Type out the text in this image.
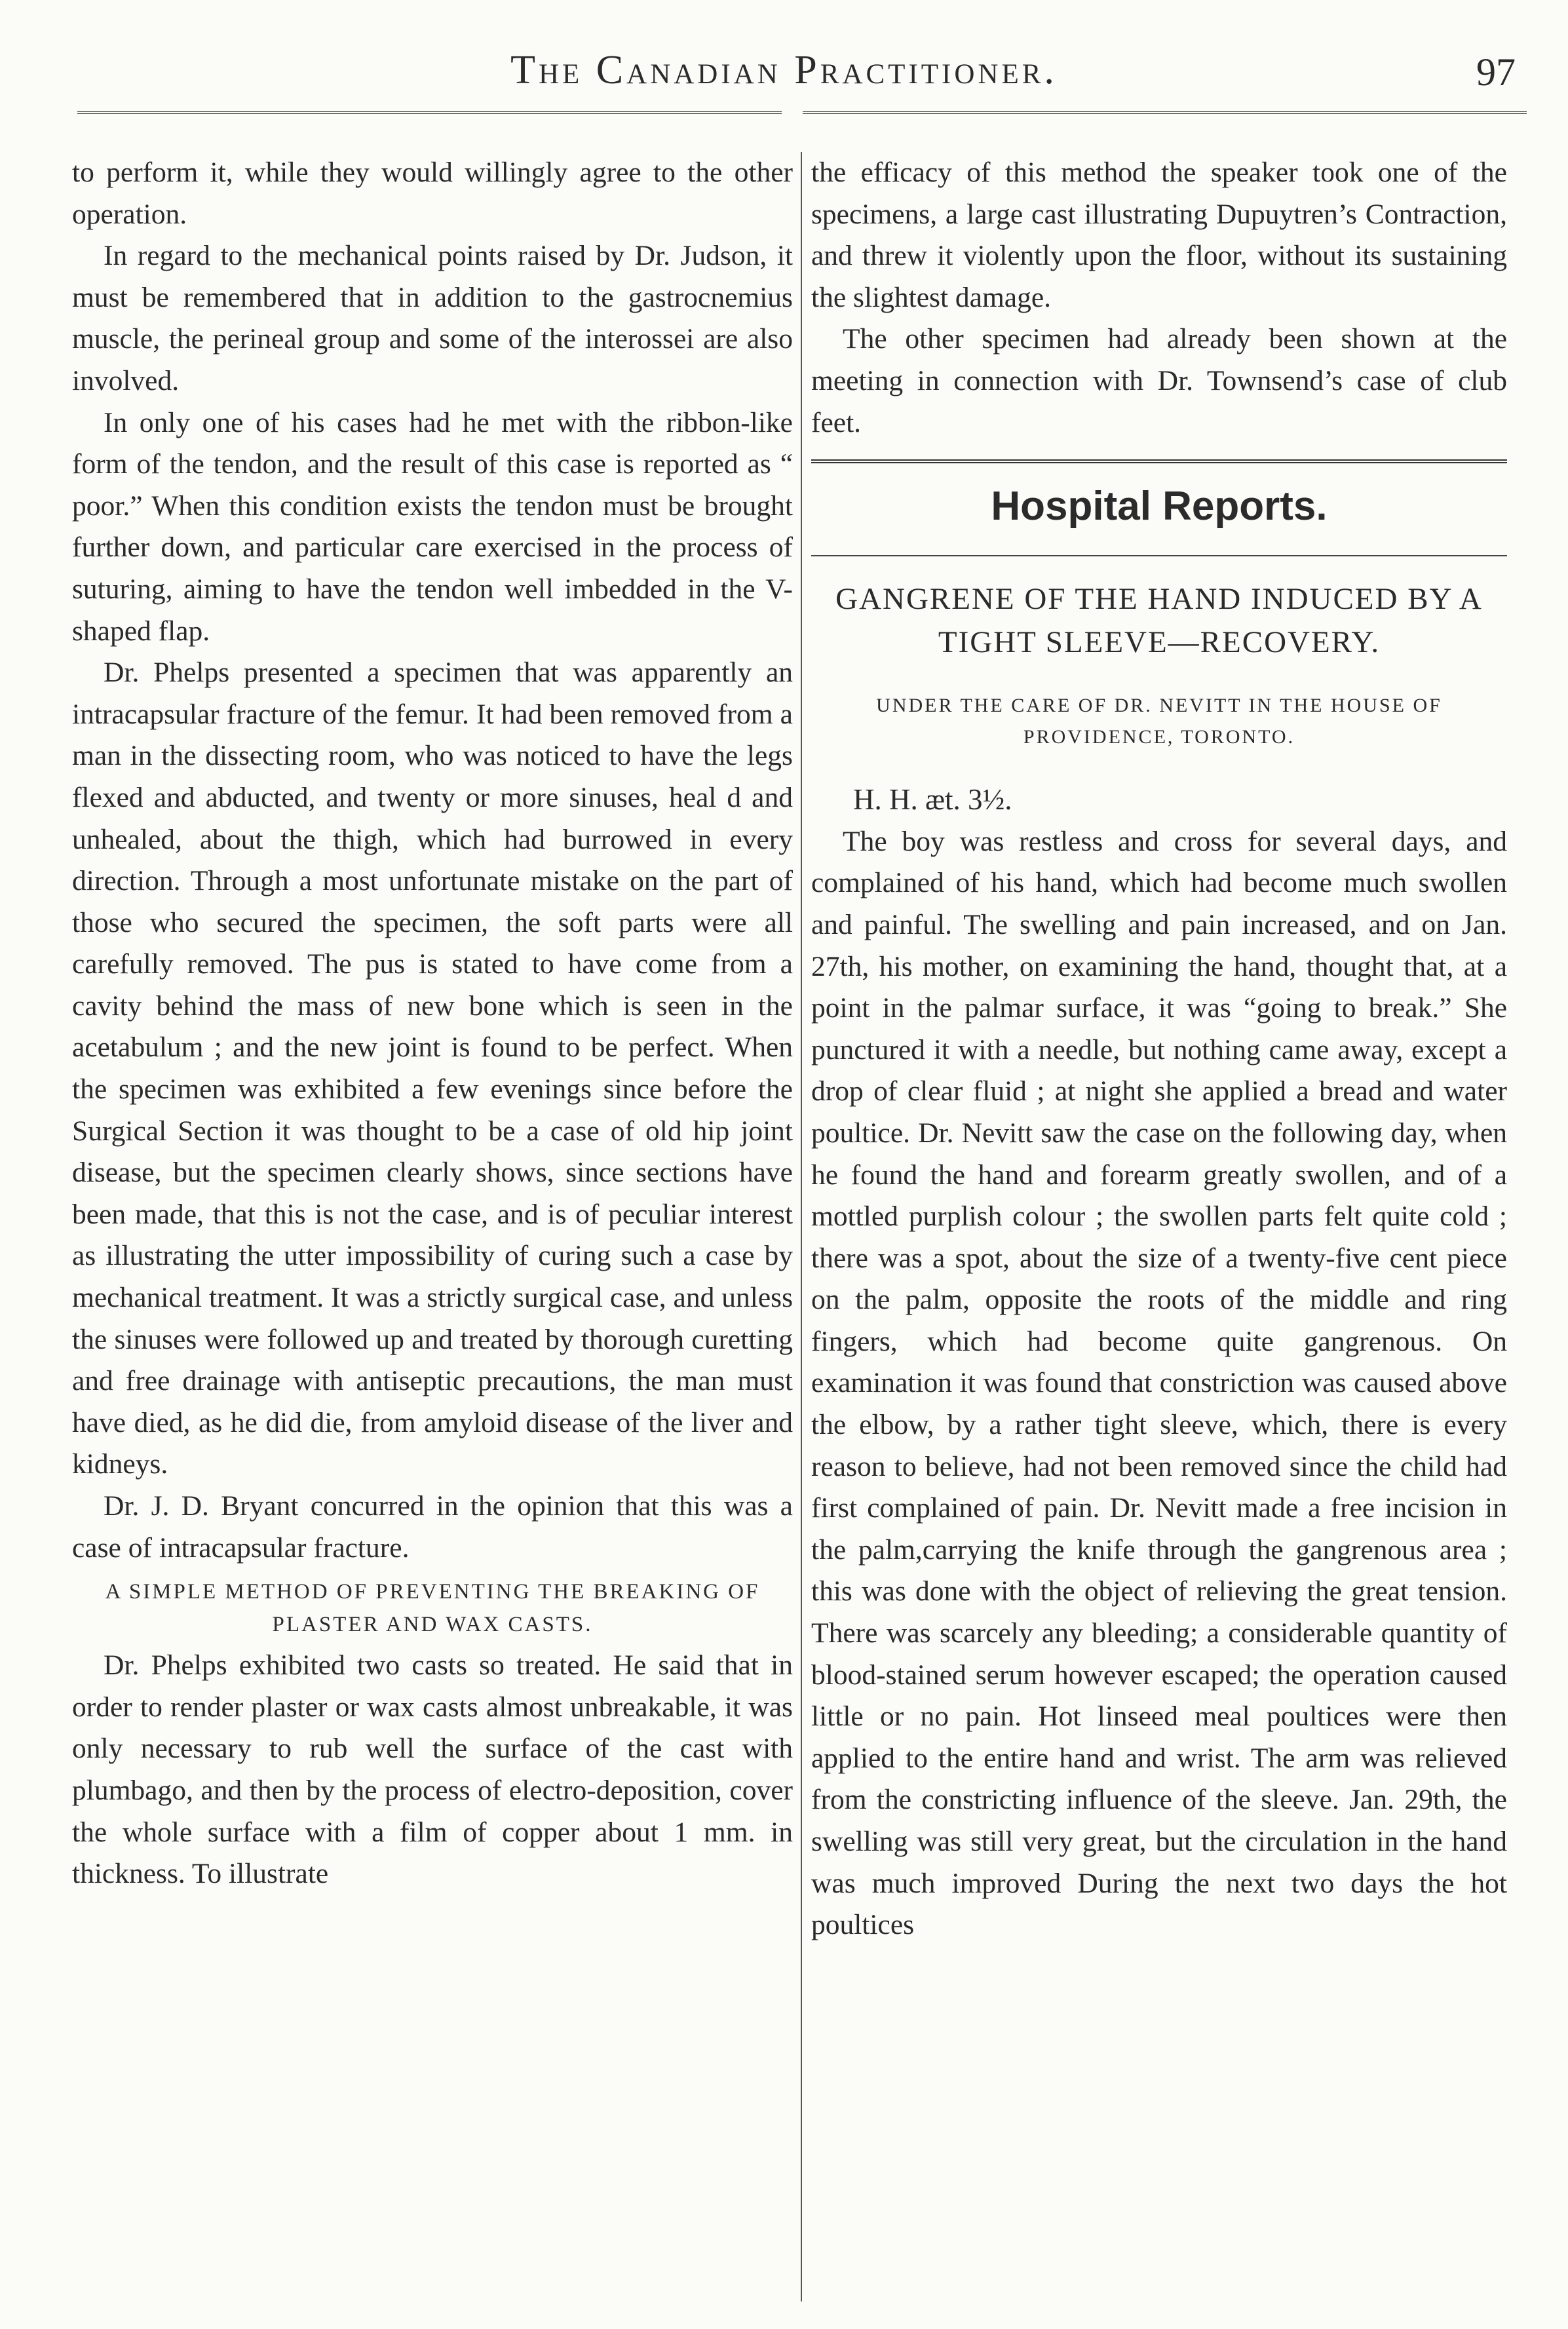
The Canadian Practitioner.	97

to perform it, while they would willingly agree to the other operation.

In regard to the mechanical points raised by Dr. Judson, it must be remembered that in addition to the gastrocnemius muscle, the perineal group and some of the interossei are also involved.

In only one of his cases had he met with the ribbon-like form of the tendon, and the result of this case is reported as “ poor.” When this condition exists the tendon must be brought further down, and particular care exercised in the process of suturing, aiming to have the tendon well imbedded in the V-shaped flap.

Dr. Phelps presented a specimen that was apparently an intracapsular fracture of the femur. It had been removed from a man in the dissecting room, who was noticed to have the legs flexed and abducted, and twenty or more sinuses, heal d and unhealed, about the thigh, which had burrowed in every direction. Through a most unfortunate mistake on the part of those who secured the specimen, the soft parts were all carefully removed. The pus is stated to have come from a cavity behind the mass of new bone which is seen in the acetabulum ; and the new joint is found to be perfect. When the specimen was exhibited a few evenings since before the Surgical Section it was thought to be a case of old hip joint disease, but the specimen clearly shows, since sections have been made, that this is not the case, and is of peculiar interest as illustrating the utter impossibility of curing such a case by mechanical treatment. It was a strictly surgical case, and unless the sinuses were followed up and treated by thorough curetting and free drainage with antiseptic precautions, the man must have died, as he did die, from amyloid disease of the liver and kidneys.

Dr. J. D. Bryant concurred in the opinion that this was a case of intracapsular fracture.

A SIMPLE METHOD OF PREVENTING THE BREAKING OF PLASTER AND WAX CASTS.

Dr. Phelps exhibited two casts so treated. He said that in order to render plaster or wax casts almost unbreakable, it was only necessary to rub well the surface of the cast with plumbago, and then by the process of electro-deposition, cover the whole surface with a film of copper about 1 mm. in thickness. To illustrate

the efficacy of this method the speaker took one of the specimens, a large cast illustrating Dupuytren’s Contraction, and threw it violently upon the floor, without its sustaining the slightest damage.

The other specimen had already been shown at the meeting in connection with Dr. Townsend’s case of club feet.

Hospital Reports.
GANGRENE OF THE HAND INDUCED BY A TIGHT SLEEVE—RECOVERY.
UNDER THE CARE OF DR. NEVITT IN THE HOUSE OF PROVIDENCE, TORONTO.

H. H. æt. 3½.

The boy was restless and cross for several days, and complained of his hand, which had become much swollen and painful. The swelling and pain increased, and on Jan. 27th, his mother, on examining the hand, thought that, at a point in the palmar surface, it was “going to break.” She punctured it with a needle, but nothing came away, except a drop of clear fluid ; at night she applied a bread and water poultice. Dr. Nevitt saw the case on the following day, when he found the hand and forearm greatly swollen, and of a mottled purplish colour ; the swollen parts felt quite cold ; there was a spot, about the size of a twenty-five cent piece on the palm, opposite the roots of the middle and ring fingers, which had become quite gangrenous. On examination it was found that constriction was caused above the elbow, by a rather tight sleeve, which, there is every reason to believe, had not been removed since the child had first complained of pain. Dr. Nevitt made a free incision in the palm,carrying the knife through the gangrenous area ; this was done with the object of relieving the great tension. There was scarcely any bleeding; a considerable quantity of blood-stained serum however escaped; the operation caused little or no pain. Hot linseed meal poultices were then applied to the entire hand and wrist. The arm was relieved from the constricting influence of the sleeve. Jan. 29th, the swelling was still very great, but the circulation in the hand was much improved During the next two days the hot poultices
